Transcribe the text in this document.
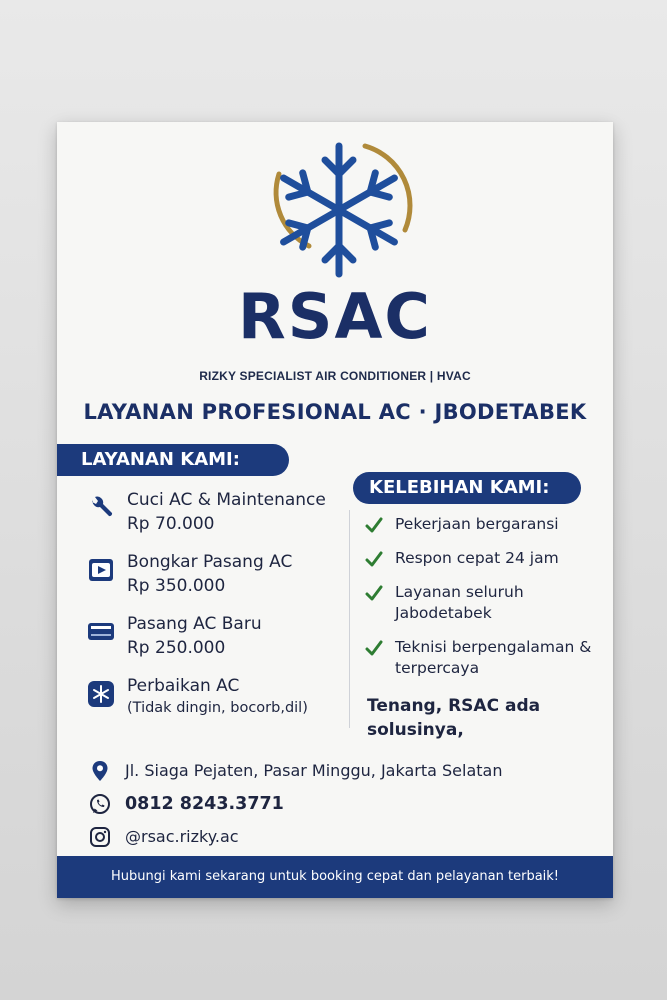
RSAC
RIZKY SPECIALIST AIR CONDITIONER | HVAC
LAYANAN PROFESIONAL AC · JBODETABEK
LAYANAN KAMI:
KELEBIHAN KAMI:
Cuci AC & Maintenance
Rp 70.000
Bongkar Pasang AC
Rp 350.000
Pasang AC Baru
Rp 250.000
Perbaikan AC
(Tidak dingin, bocorb,dil)
Pekerjaan bergaransi
Respon cepat 24 jam
Layanan seluruh Jabodetabek
Teknisi berpengalaman & terpercaya
Tenang, RSAC ada solusinya,
Jl. Siaga Pejaten, Pasar Minggu, Jakarta Selatan
0812 8243.3771
@rsac.rizky.ac
Hubungi kami sekarang untuk booking cepat dan pelayanan terbaik!
